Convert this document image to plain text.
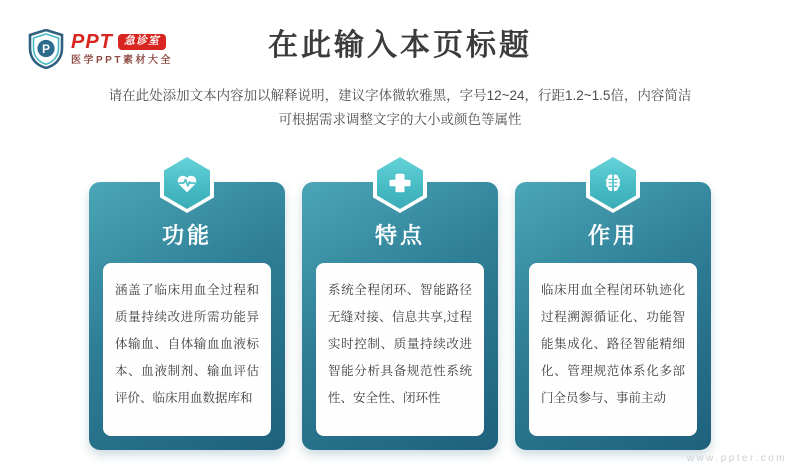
P PPT	急诊室
医学PPT素材大全	在此输入本页标题
请在此处添加文本内容加以解释说明，建议字体微软雅黑，字号12~24，行距1.2~1.5倍，内容简洁
可根据需求调整文字的大小或颜色等属性
功能

涵盖了临床用血全过程和质量持续改进所需功能异体输血、自体输血血液标本、血液制剂、输血评估评价、临床用血数据库和

特点

系统全程闭环、智能路径无缝对接、信息共享,过程实时控制、质量持续改进智能分析具备规范性系统性、安全性、闭环性

作用

临床用血全程闭环轨迹化过程溯源循证化、功能智能集成化、路径智能精细化、管理规范体系化多部门全员参与、事前主动

www.ppter.com
